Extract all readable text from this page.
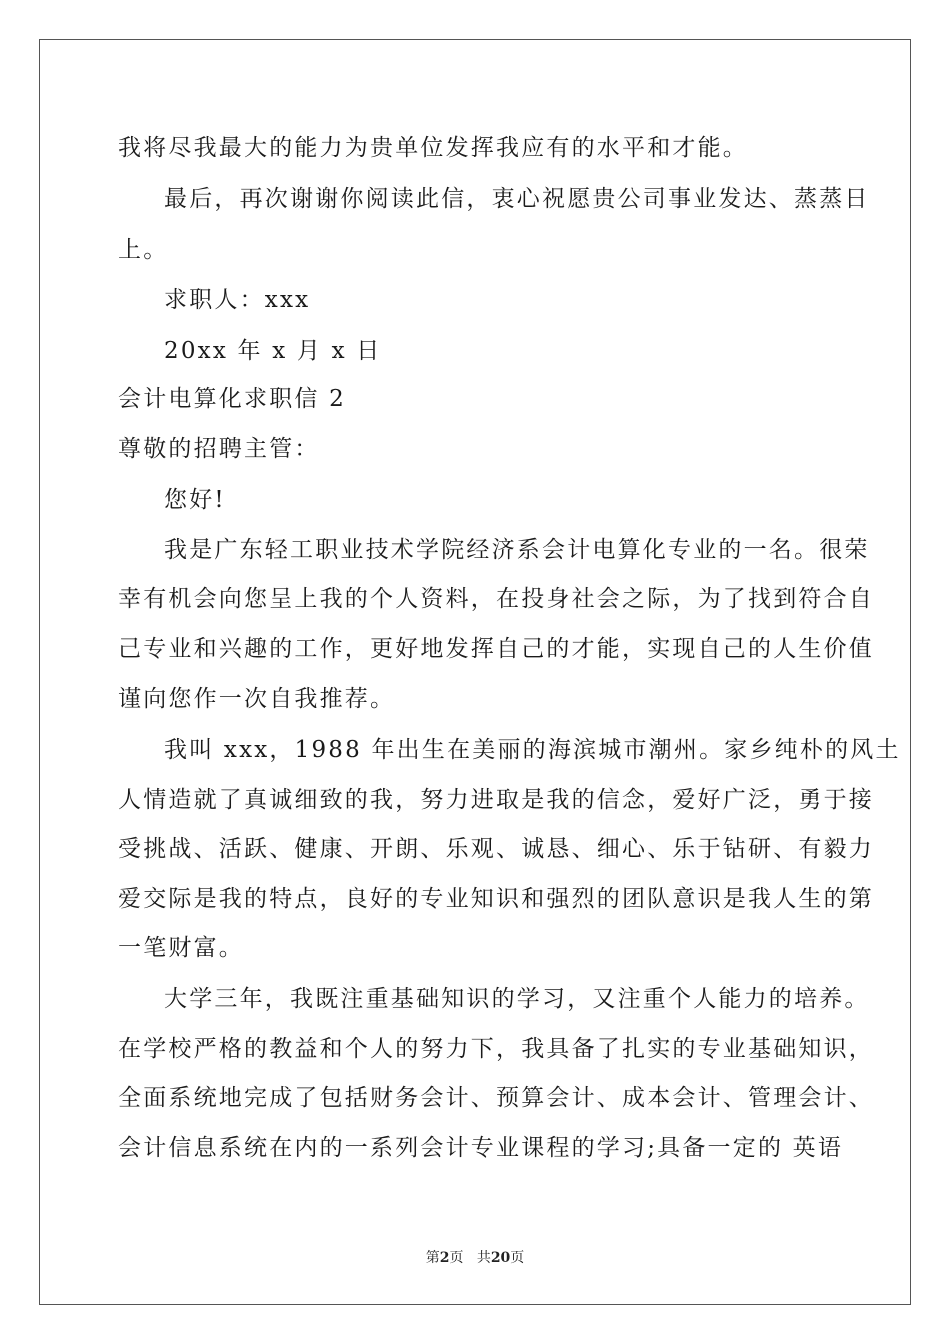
我将尽我最大的能力为贵单位发挥我应有的水平和才能。
最后，再次谢谢你阅读此信，衷心祝愿贵公司事业发达、蒸蒸日
上。
求职人：xxx
20xx 年 x 月 x 日
会计电算化求职信 2
尊敬的招聘主管：
您好!
我是广东轻工职业技术学院经济系会计电算化专业的一名。很荣
幸有机会向您呈上我的个人资料，在投身社会之际，为了找到符合自
己专业和兴趣的工作，更好地发挥自己的才能，实现自己的人生价值
谨向您作一次自我推荐。
我叫 xxx，1988 年出生在美丽的海滨城市潮州。家乡纯朴的风土
人情造就了真诚细致的我，努力进取是我的信念，爱好广泛，勇于接
受挑战、活跃、健康、开朗、乐观、诚恳、细心、乐于钻研、有毅力
爱交际是我的特点，良好的专业知识和强烈的团队意识是我人生的第
一笔财富。
大学三年，我既注重基础知识的学习，又注重个人能力的培养。
在学校严格的教益和个人的努力下，我具备了扎实的专业基础知识，
全面系统地完成了包括财务会计、预算会计、成本会计、管理会计、
会计信息系统在内的一系列会计专业课程的学习;具备一定的 英语
第2页 共20页
